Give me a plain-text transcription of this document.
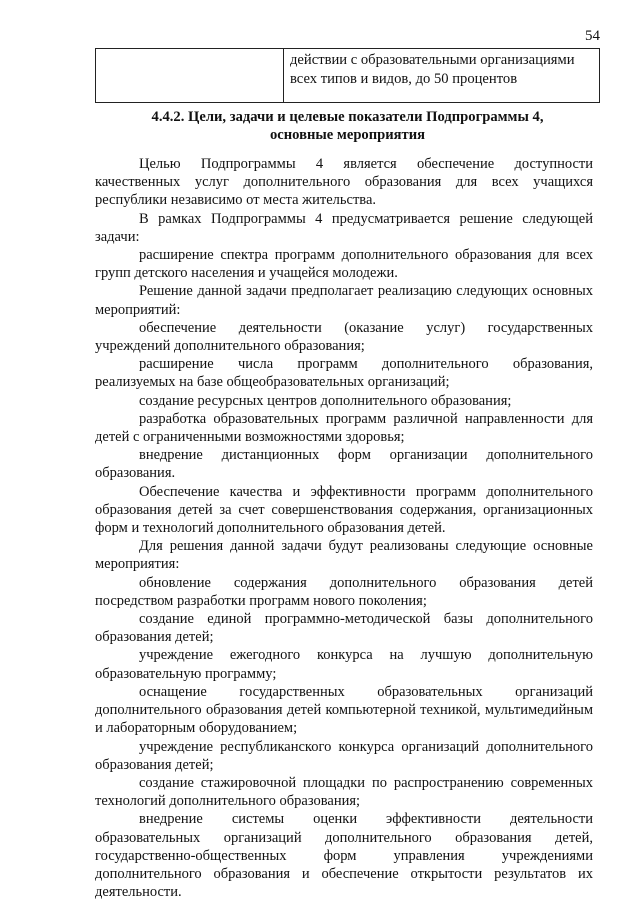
54
	действии с образовательными организациями всех типов и видов, до 50 процентов
4.4.2. Цели, задачи и целевые показатели Подпрограммы 4,
основные мероприятия

Целью Подпрограммы 4 является обеспечение доступности качественных услуг дополнительного образования для всех учащихся республики независимо от места жительства.

В рамках Подпрограммы 4 предусматривается решение следующей задачи:

расширение спектра программ дополнительного образования для всех групп детского населения и учащейся молодежи.

Решение данной задачи предполагает реализацию следующих основных мероприятий:

обеспечение деятельности (оказание услуг) государственных учреждений дополнительного образования;

расширение числа программ дополнительного образования, реализуемых на базе общеобразовательных организаций;

создание ресурсных центров дополнительного образования;

разработка образовательных программ различной направленности для детей с ограниченными возможностями здоровья;

внедрение дистанционных форм организации дополнительного образования.

Обеспечение качества и эффективности программ дополнительного образования детей за счет совершенствования содержания, организационных форм и технологий дополнительного образования детей.

Для решения данной задачи будут реализованы следующие основные мероприятия:

обновление содержания дополнительного образования детей посредством разработки программ нового поколения;

создание единой программно-методической базы дополнительного образования детей;

учреждение ежегодного конкурса на лучшую дополнительную образовательную программу;

оснащение государственных образовательных организаций дополнительного образования детей компьютерной техникой, мультимедийным и лабораторным оборудованием;

учреждение республиканского конкурса организаций дополнительного образования детей;

создание стажировочной площадки по распространению современных технологий дополнительного образования;

внедрение системы оценки эффективности деятельности образовательных организаций дополнительного образования детей, государственно-общественных форм управления учреждениями дополнительного образования и обеспечение открытости результатов их деятельности.
